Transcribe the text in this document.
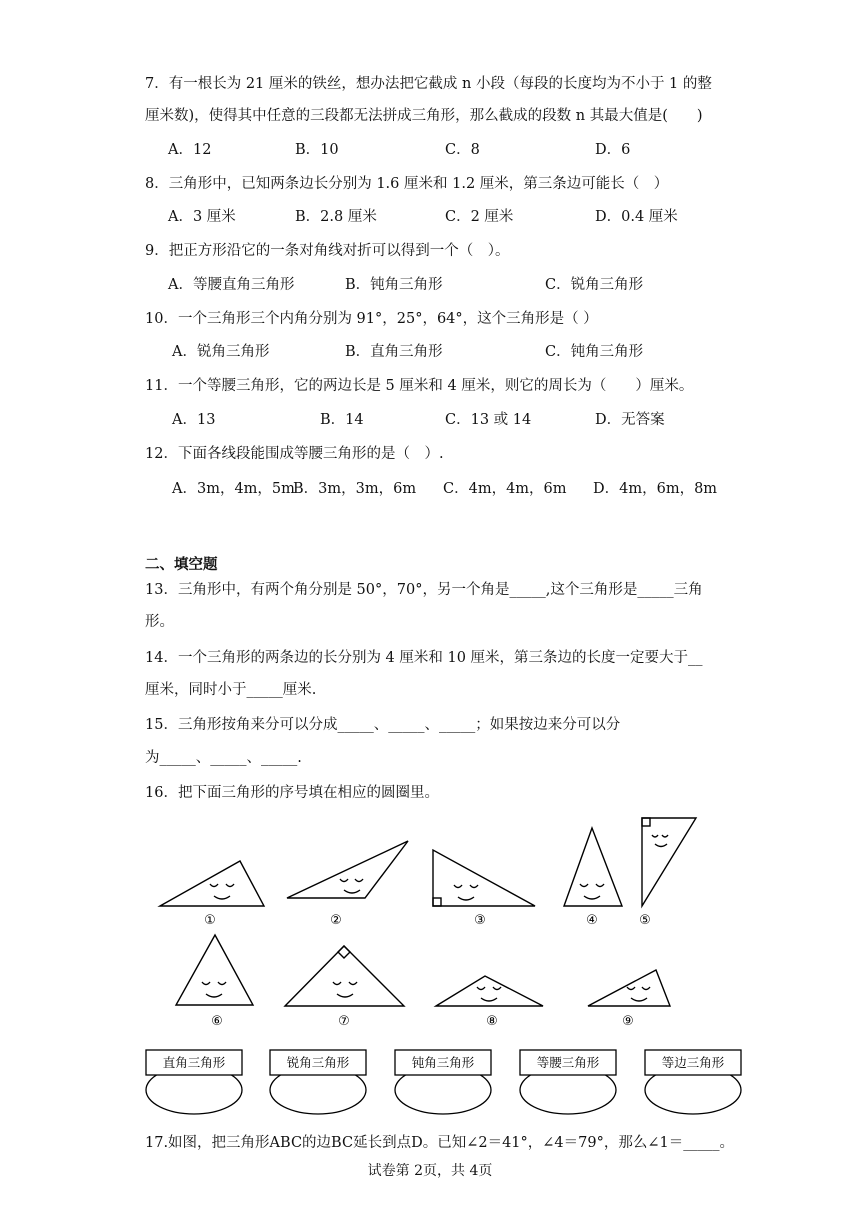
7．有一根长为 21 厘米的铁丝，想办法把它截成 n 小段（每段的长度均为不小于 1 的整
厘米数)，使得其中任意的三段都无法拼成三角形，那么截成的段数 n 其最大值是(　　)
A．12	B．10	C．8	D．6
8．三角形中，已知两条边长分别为 1.6 厘米和 1.2 厘米，第三条边可能长（　）
A．3 厘米	B．2.8 厘米	C．2 厘米	D．0.4 厘米
9．把正方形沿它的一条对角线对折可以得到一个（　）。
A．等腰直角三角形	B．钝角三角形	C．锐角三角形
10．一个三角形三个内角分别为 91°，25°，64°，这个三角形是（ ）
A．锐角三角形	B．直角三角形	C．钝角三角形
11．一个等腰三角形，它的两边长是 5 厘米和 4 厘米，则它的周长为（　　）厘米。
A．13	B．14	C．13 或 14	D．无答案
12．下面各线段能围成等腰三角形的是（　）.
A．3m，4m，5m
B．3m，3m，6m C．4m，4m，6m D．4m，6m，8m
二、填空题
13．三角形中，有两个角分别是 50°，70°，另一个角是_____,这个三角形是_____三角
形。
14．一个三角形的两条边的长分别为 4 厘米和 10 厘米，第三条边的长度一定要大于__
厘米，同时小于_____厘米.
15．三角形按角来分可以分成_____、_____、_____；如果按边来分可以分
为_____、_____、_____.
16．把下面三角形的序号填在相应的圆圈里。
①	②	③	④	⑤
⑥	⑦	⑧	⑨
直角三角形	锐角三角形	钝角三角形	等腰三角形	等边三角形
17.如图，把三角形ABC的边BC延长到点D。已知∠2＝41°，∠4＝79°，那么∠1＝_____。
试卷第 2页，共 4页
